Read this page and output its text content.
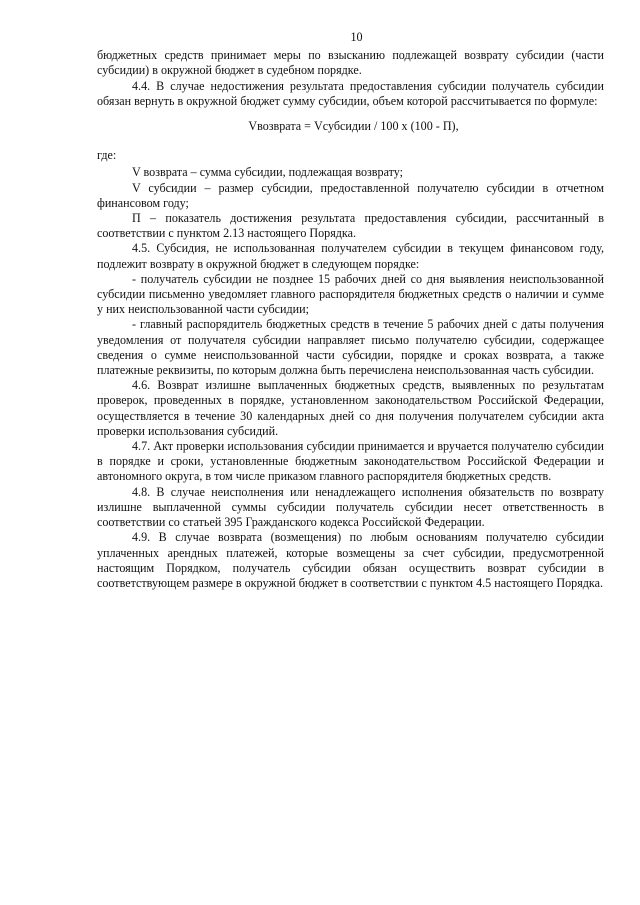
10

бюджетных средств принимает меры по взысканию подлежащей возврату субсидии (части субсидии) в окружной бюджет в судебном порядке.

4.4. В случае недостижения результата предоставления субсидии получатель субсидии обязан вернуть в окружной бюджет сумму субсидии, объем которой рассчитывается по формуле:

Vвозврата = Vсубсидии / 100 x (100 - П),

где:

V возврата – сумма субсидии, подлежащая возврату;

V субсидии – размер субсидии, предоставленной получателю субсидии в отчетном финансовом году;

П – показатель достижения результата предоставления субсидии, рассчитанный в соответствии с пунктом 2.13 настоящего Порядка.

4.5. Субсидия, не использованная получателем субсидии в текущем финансовом году, подлежит возврату в окружной бюджет в следующем порядке:

- получатель субсидии не позднее 15 рабочих дней со дня выявления неиспользованной субсидии письменно уведомляет главного распорядителя бюджетных средств о наличии и сумме у них неиспользованной части субсидии;

- главный распорядитель бюджетных средств в течение 5 рабочих дней с даты получения уведомления от получателя субсидии направляет письмо получателю субсидии, содержащее сведения о сумме неиспользованной части субсидии, порядке и сроках возврата, а также платежные реквизиты, по которым должна быть перечислена неиспользованная часть субсидии.

4.6. Возврат излишне выплаченных бюджетных средств, выявленных по результатам проверок, проведенных в порядке, установленном законодательством Российской Федерации, осуществляется в течение 30 календарных дней со дня получения получателем субсидии акта проверки использования субсидий.

4.7. Акт проверки использования субсидии принимается и вручается получателю субсидии в порядке и сроки, установленные бюджетным законодательством Российской Федерации и автономного округа, в том числе приказом главного распорядителя бюджетных средств.

4.8. В случае неисполнения или ненадлежащего исполнения обязательств по возврату излишне выплаченной суммы субсидии получатель субсидии несет ответственность в соответствии со статьей 395 Гражданского кодекса Российской Федерации.

4.9. В случае возврата (возмещения) по любым основаниям получателю субсидии уплаченных арендных платежей, которые возмещены за счет субсидии, предусмотренной настоящим Порядком, получатель субсидии обязан осуществить возврат субсидии в соответствующем размере в окружной бюджет в соответствии с пунктом 4.5 настоящего Порядка.
